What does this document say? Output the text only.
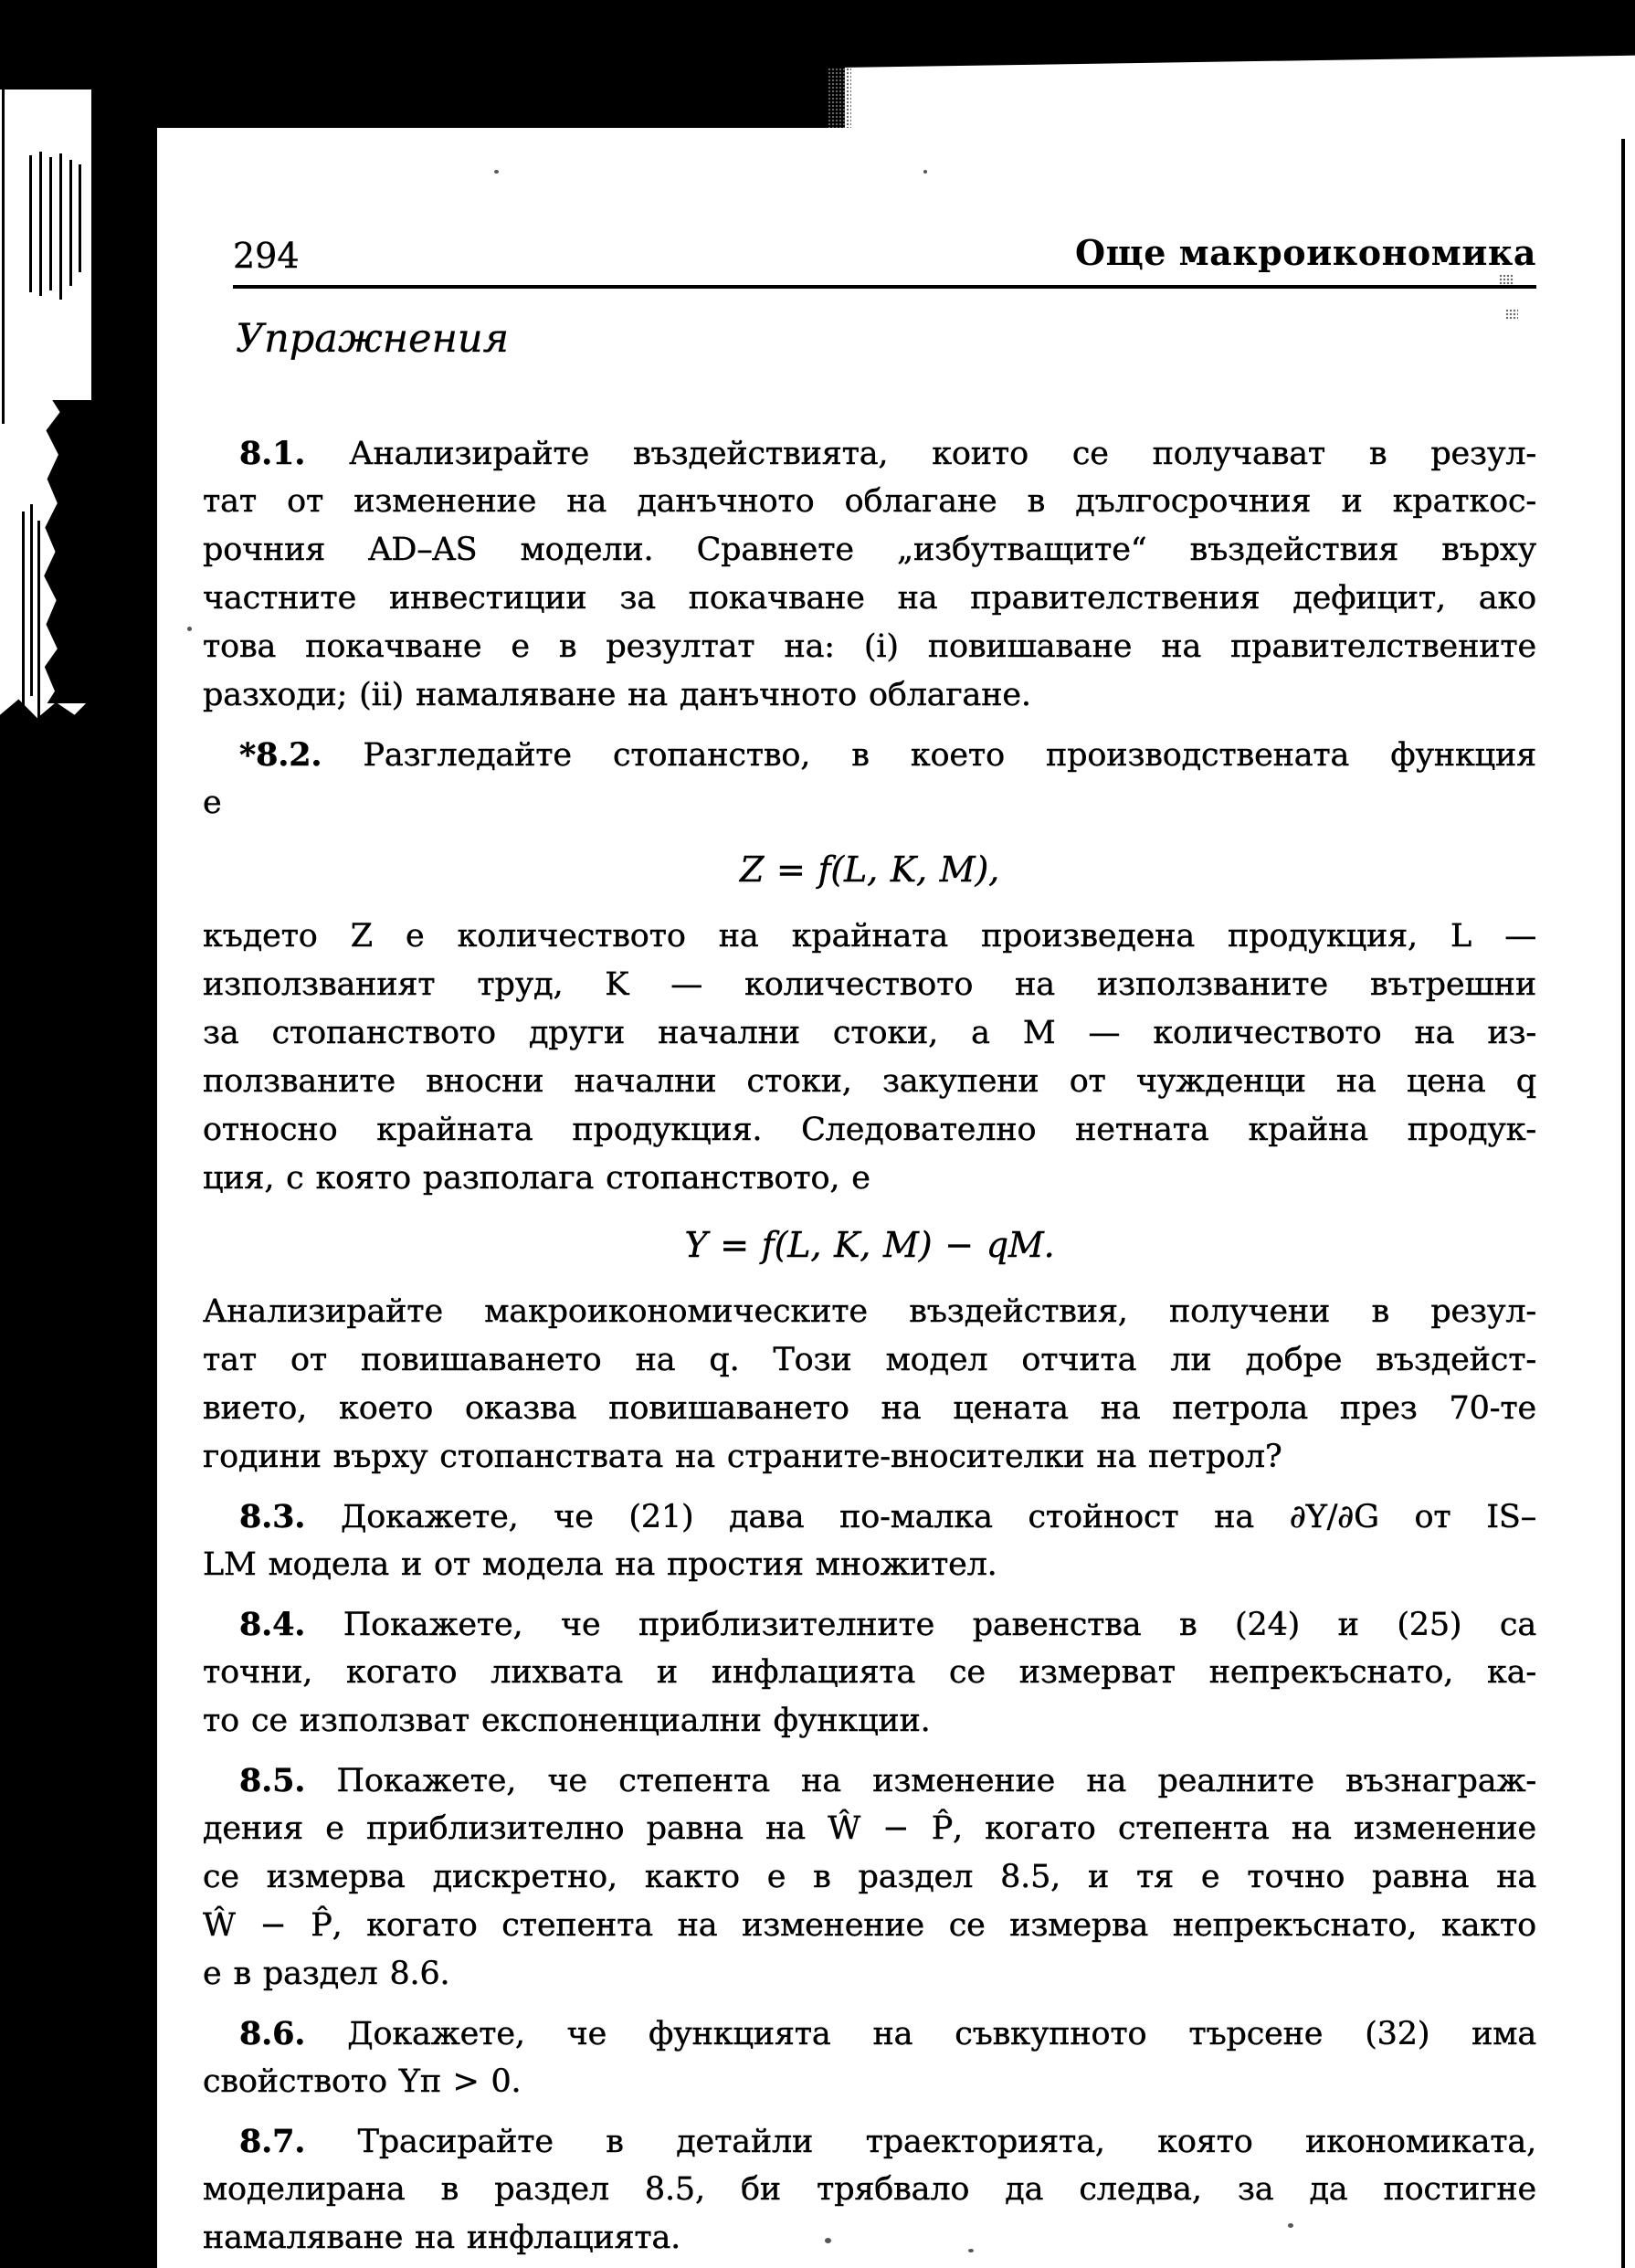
294	Още макроикономика
Упражнения
8.1. Анализирайте въздействията, които се получават в резул-
тат от изменение на данъчното облагане в дългосрочния и краткос-
рочния AD–AS модели. Сравнете „избутващите“ въздействия върху
частните инвестиции за покачване на правителствения дефицит, ако
това покачване е в резултат на: (i) повишаване на правителствените
разходи; (ii) намаляване на данъчното облагане.
*8.2. Разгледайте стопанство, в което производствената функция
е
Z = f(L, K, M),
където Z е количеството на крайната произведена продукция, L —
използваният труд, K — количеството на използваните вътрешни
за стопанството други начални стоки, а M — количеството на из-
ползваните вносни начални стоки, закупени от чужденци на цена q
относно крайната продукция. Следователно нетната крайна продук-
ция, с която разполага стопанството, е
Y = f(L, K, M) − qM.
Анализирайте макроикономическите въздействия, получени в резул-
тат от повишаването на q. Този модел отчита ли добре въздейст-
вието, което оказва повишаването на цената на петрола през 70-те
години върху стопанствата на страните-вносителки на петрол?
8.3. Докажете, че (21) дава по-малка стойност на ∂Y/∂G от IS–
LM модела и от модела на простия множител.
8.4. Покажете, че приблизителните равенства в (24) и (25) са
точни, когато лихвата и инфлацията се измерват непрекъснато, ка-
то се използват експоненциални функции.
8.5. Покажете, че степента на изменение на реалните възнаграж-
дения е приблизително равна на Ŵ − P̂, когато степента на изменение
се измерва дискретно, както е в раздел 8.5, и тя е точно равна на
Ŵ − P̂, когато степента на изменение се измерва непрекъснато, както
е в раздел 8.6.
8.6. Докажете, че функцията на съвкупното търсене (32) има
свойството Yπ > 0.
8.7. Трасирайте в детайли траекторията, която икономиката,
моделирана в раздел 8.5, би трябвало да следва, за да постигне
намаляване на инфлацията.
